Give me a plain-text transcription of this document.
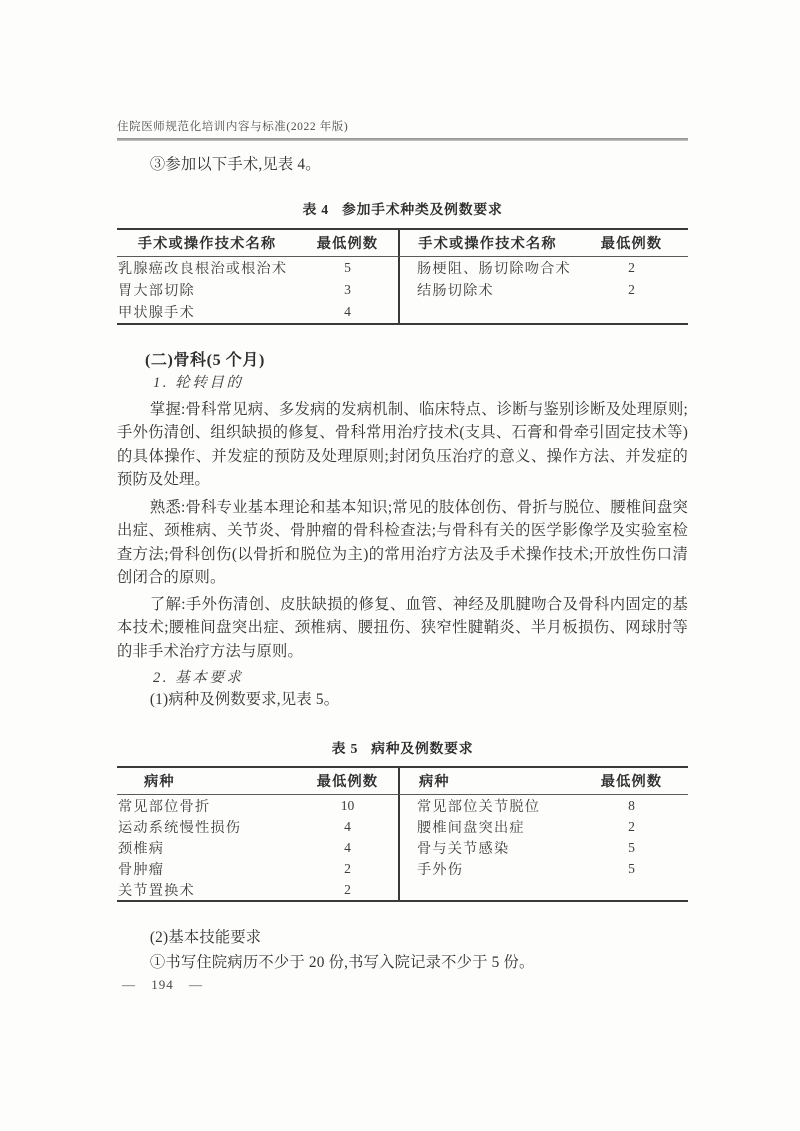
住院医师规范化培训内容与标准(2022 年版)

③参加以下手术,见表 4。

表 4 参加手术种类及例数要求
手术或操作技术名称	最低例数	手术或操作技术名称	最低例数
乳腺癌改良根治或根治术	5	肠梗阻、肠切除吻合术	2
胃大部切除	3	结肠切除术	2
甲状腺手术	4
(二)骨科(5 个月)
1. 轮转目的

掌握:骨科常见病、多发病的发病机制、临床特点、诊断与鉴别诊断及处理原则;手外伤清创、组织缺损的修复、骨科常用治疗技术(支具、石膏和骨牵引固定技术等)的具体操作、并发症的预防及处理原则;封闭负压治疗的意义、操作方法、并发症的预防及处理。

熟悉:骨科专业基本理论和基本知识;常见的肢体创伤、骨折与脱位、腰椎间盘突出症、颈椎病、关节炎、骨肿瘤的骨科检查法;与骨科有关的医学影像学及实验室检查方法;骨科创伤(以骨折和脱位为主)的常用治疗方法及手术操作技术;开放性伤口清创闭合的原则。

了解:手外伤清创、皮肤缺损的修复、血管、神经及肌腱吻合及骨科内固定的基本技术;腰椎间盘突出症、颈椎病、腰扭伤、狭窄性腱鞘炎、半月板损伤、网球肘等的非手术治疗方法与原则。

2. 基本要求

(1)病种及例数要求,见表 5。

表 5 病种及例数要求
病种	最低例数	病种	最低例数
常见部位骨折	10	常见部位关节脱位	8
运动系统慢性损伤	4	腰椎间盘突出症	2
颈椎病	4	骨与关节感染	5
骨肿瘤	2	手外伤	5
关节置换术	2

(2)基本技能要求

①书写住院病历不少于 20 份,书写入院记录不少于 5 份。

— 194 —
